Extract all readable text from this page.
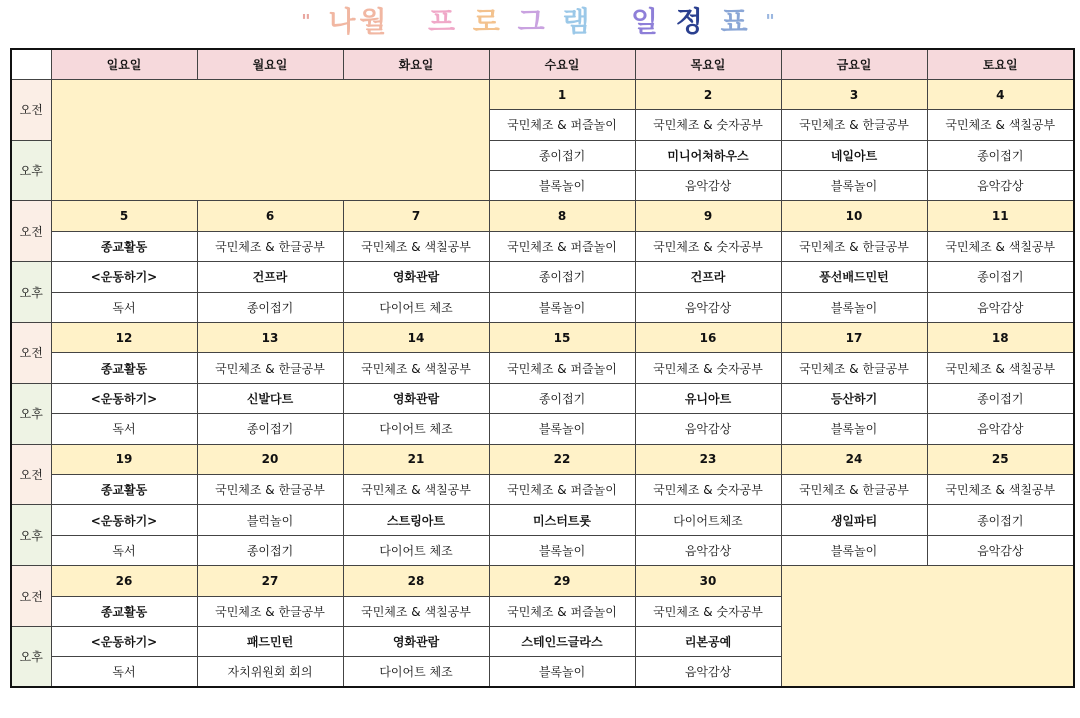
" 나월 프 로 그 램 일 정 표 "
	일요일	월요일	화요일	수요일	목요일	금요일	토요일
오전				1	2	3	4
				국민체조 & 퍼즐놀이	국민체조 & 숫자공부	국민체조 & 한글공부	국민체조 & 색칠공부
오후				종이접기	미니어쳐하우스	네일아트	종이접기
				블록놀이	음악감상	블록놀이	음악감상
오전	5	6	7	8	9	10	11
	종교활동	국민체조 & 한글공부	국민체조 & 색칠공부	국민체조 & 퍼즐놀이	국민체조 & 숫자공부	국민체조 & 한글공부	국민체조 & 색칠공부
오후	<운동하기>	건프라	영화관람	종이접기	건프라	풍선배드민턴	종이접기
	독서	종이접기	다이어트 체조	블록놀이	음악감상	블록놀이	음악감상
오전	12	13	14	15	16	17	18
	종교활동	국민체조 & 한글공부	국민체조 & 색칠공부	국민체조 & 퍼즐놀이	국민체조 & 숫자공부	국민체조 & 한글공부	국민체조 & 색칠공부
오후	<운동하기>	신발다트	영화관람	종이접기	유니아트	등산하기	종이접기
	독서	종이접기	다이어트 체조	블록놀이	음악감상	블록놀이	음악감상
오전	19	20	21	22	23	24	25
	종교활동	국민체조 & 한글공부	국민체조 & 색칠공부	국민체조 & 퍼즐놀이	국민체조 & 숫자공부	국민체조 & 한글공부	국민체조 & 색칠공부
오후	<운동하기>	블럭놀이	스트링아트	미스터트롯	다이어트체조	생일파티	종이접기
	독서	종이접기	다이어트 체조	블록놀이	음악감상	블록놀이	음악감상
오전	26	27	28	29	30		
	종교활동	국민체조 & 한글공부	국민체조 & 색칠공부	국민체조 & 퍼즐놀이	국민체조 & 숫자공부		
오후	<운동하기>	패드민턴	영화관람	스테인드글라스	리본공예		
	독서	자치위원회 회의	다이어트 체조	블록놀이	음악감상		
